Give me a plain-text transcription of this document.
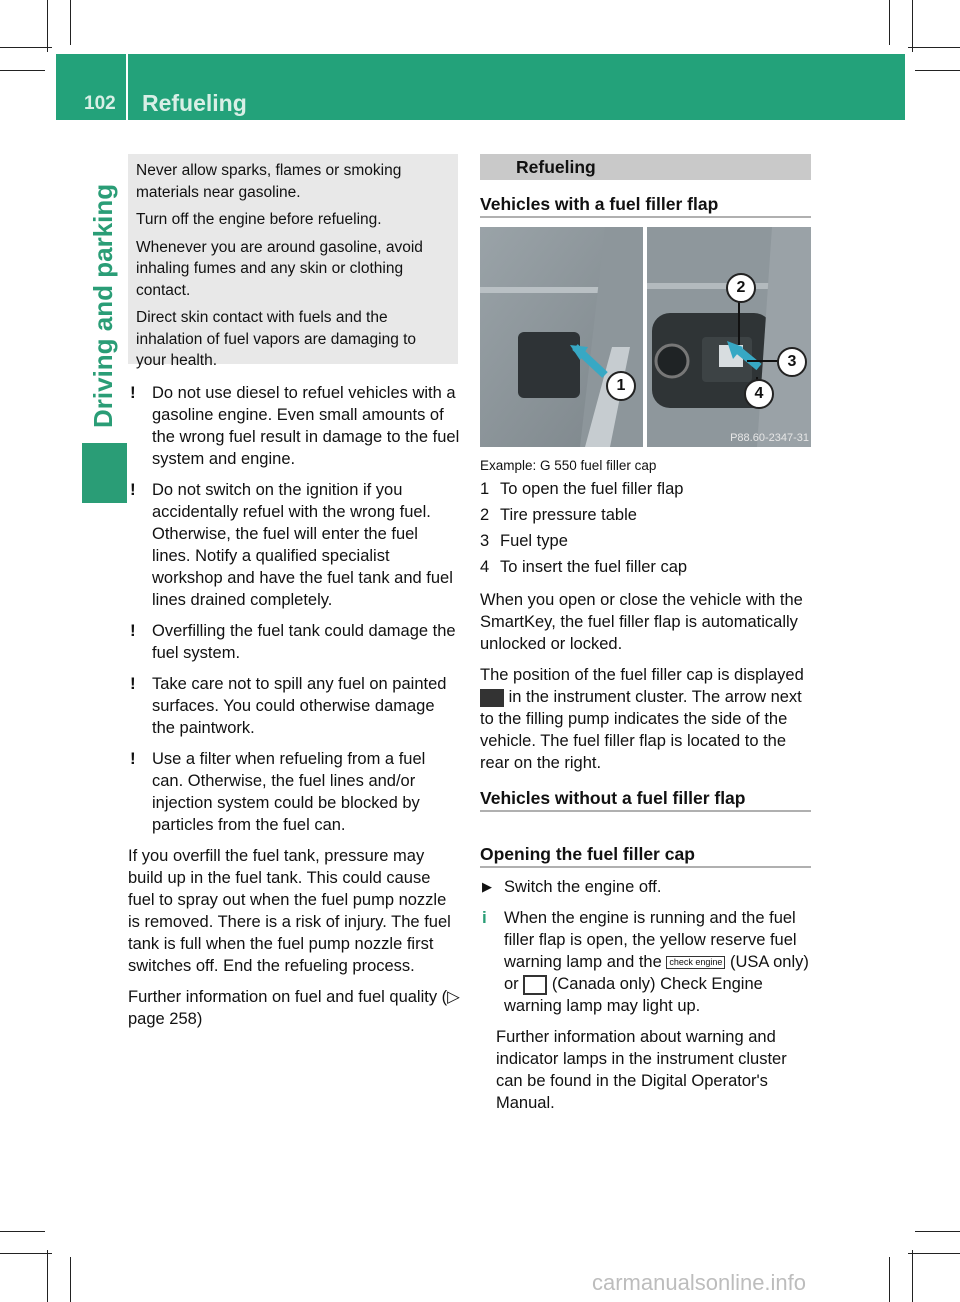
102 Refueling
Driving and parking

Never allow sparks, flames or smoking materials near gasoline.

Turn off the engine before refueling.

Whenever you are around gasoline, avoid inhaling fumes and any skin or clothing contact.

Direct skin contact with fuels and the inhalation of fuel vapors are damaging to your health.

! Do not use diesel to refuel vehicles with a gasoline engine. Even small amounts of the wrong fuel result in damage to the fuel system and engine.
! Do not switch on the ignition if you accidentally refuel with the wrong fuel. Otherwise, the fuel will enter the fuel lines. Notify a qualified specialist workshop and have the fuel tank and fuel lines drained completely.
! Overfilling the fuel tank could damage the fuel system.
! Take care not to spill any fuel on painted surfaces. You could otherwise damage the paintwork.
! Use a filter when refueling from a fuel can. Otherwise, the fuel lines and/or injection system could be blocked by particles from the fuel can.
If you overfill the fuel tank, pressure may build up in the fuel tank. This could cause fuel to spray out when the fuel pump nozzle is removed. There is a risk of injury. The fuel tank is full when the fuel pump nozzle first switches off. End the refueling process.
Further information on fuel and fuel quality (▷ page 258)
Refueling
Vehicles with a fuel filler flap
1
2
3
4
P88.60-2347-31
Example: G 550 fuel filler cap
1 To open the fuel filler flap
2 Tire pressure table
3 Fuel type
4 To insert the fuel filler cap
When you open or close the vehicle with the SmartKey, the fuel filler flap is automatically unlocked or locked.
The position of the fuel filler cap is displayed  in the instrument cluster. The arrow next to the filling pump indicates the side of the vehicle. The fuel filler flap is located to the rear on the right.
Vehicles without a fuel filler flap
Opening the fuel filler cap
▶ Switch the engine off.
i When the engine is running and the fuel filler flap is open, the yellow reserve fuel warning lamp and the check engine (USA only) or (Canada only) Check Engine warning lamp may light up.
Further information about warning and indicator lamps in the instrument cluster can be found in the Digital Operator's Manual.
carmanualsonline.info
